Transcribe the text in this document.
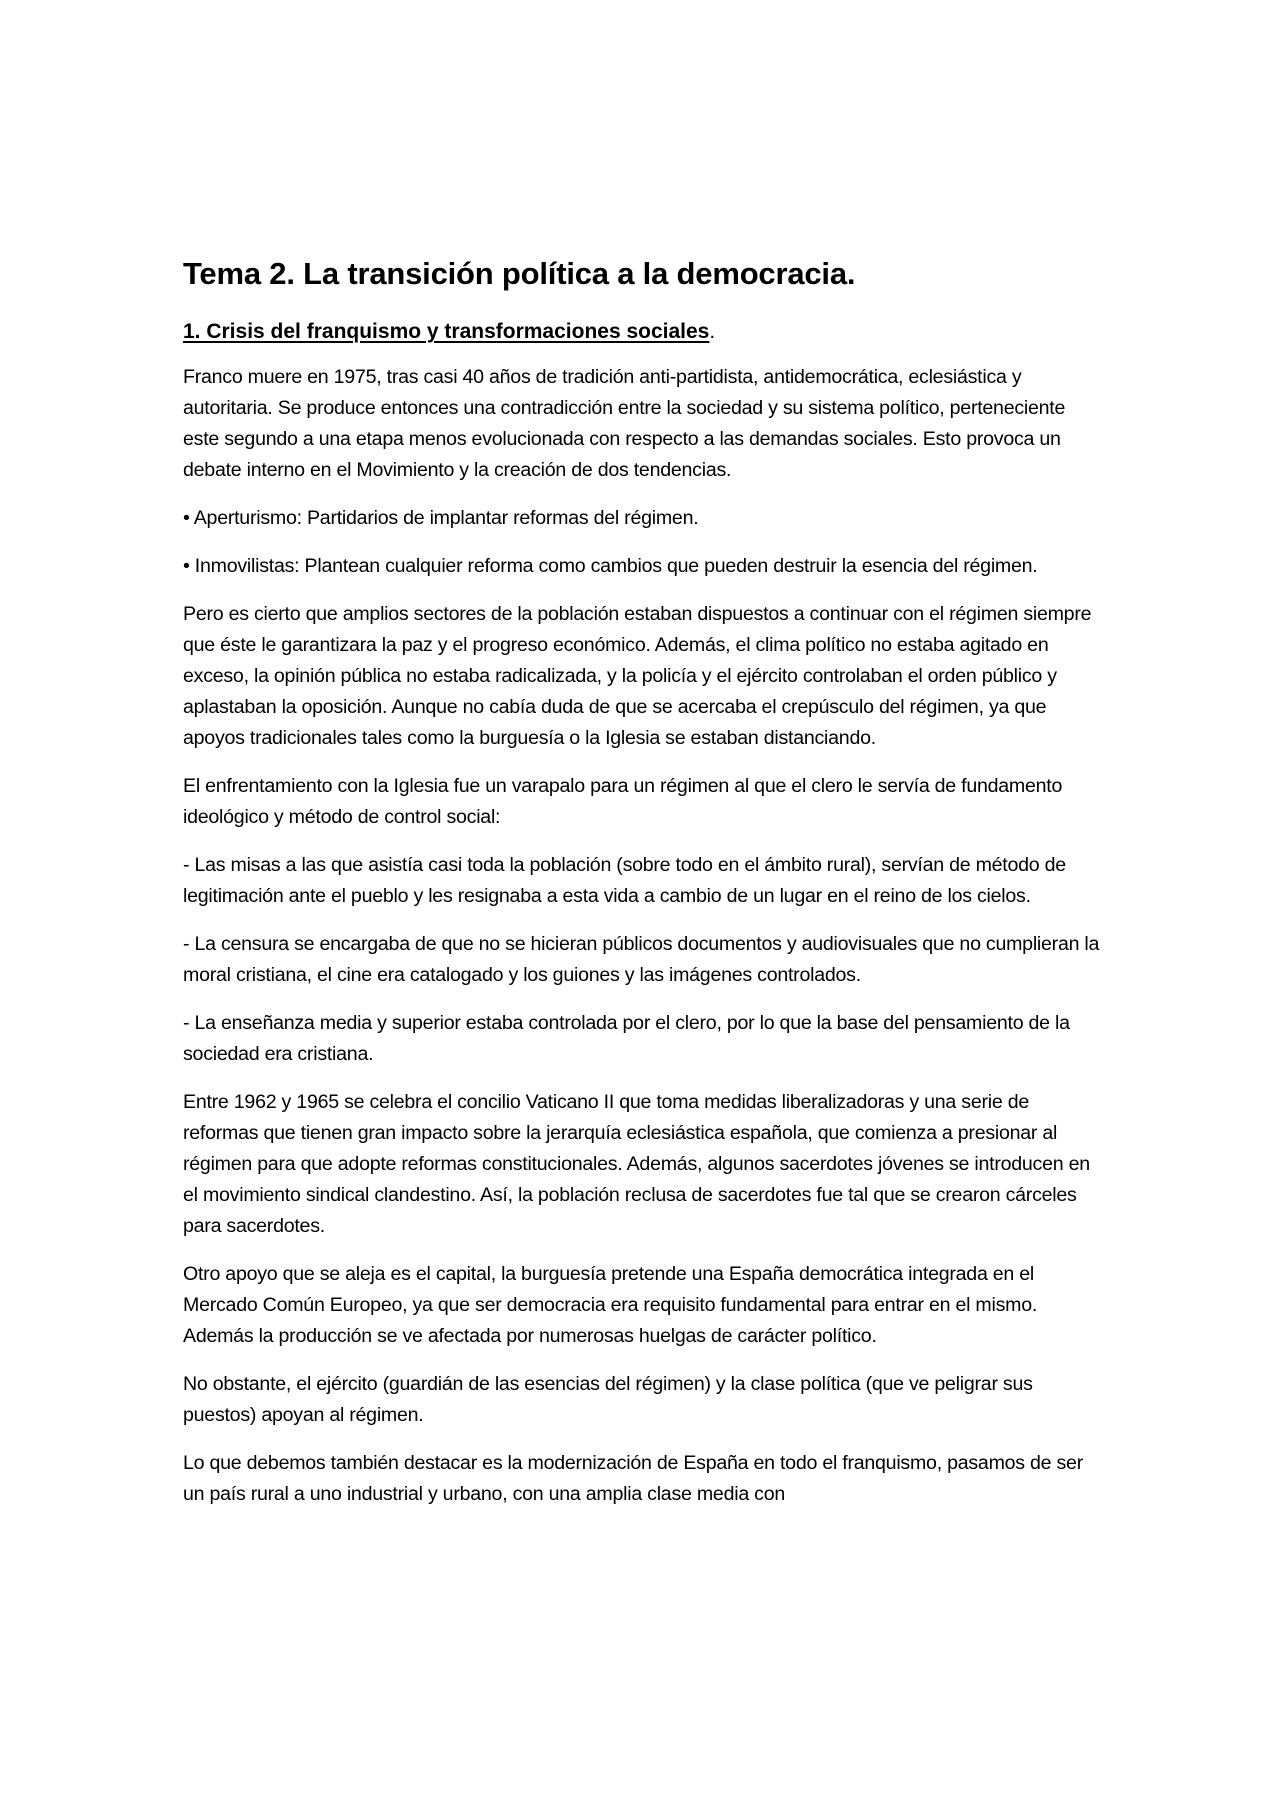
Tema 2. La transición política a la democracia.
1. Crisis del franquismo y transformaciones sociales.

Franco muere en 1975, tras casi 40 años de tradición anti-partidista, antidemocrática, eclesiástica y autoritaria. Se produce entonces una contradicción entre la sociedad y su sistema político, perteneciente este segundo a una etapa menos evolucionada con respecto a las demandas sociales. Esto provoca un debate interno en el Movimiento y la creación de dos tendencias.

• Aperturismo: Partidarios de implantar reformas del régimen.

• Inmovilistas: Plantean cualquier reforma como cambios que pueden destruir la esencia del régimen.

Pero es cierto que amplios sectores de la población estaban dispuestos a continuar con el régimen siempre que éste le garantizara la paz y el progreso económico. Además, el clima político no estaba agitado en exceso, la opinión pública no estaba radicalizada, y la policía y el ejército controlaban el orden público y aplastaban la oposición. Aunque no cabía duda de que se acercaba el crepúsculo del régimen, ya que apoyos tradicionales tales como la burguesía o la Iglesia se estaban distanciando.

El enfrentamiento con la Iglesia fue un varapalo para un régimen al que el clero le servía de fundamento ideológico y método de control social:

- Las misas a las que asistía casi toda la población (sobre todo en el ámbito rural), servían de método de legitimación ante el pueblo y les resignaba a esta vida a cambio de un lugar en el reino de los cielos.

- La censura se encargaba de que no se hicieran públicos documentos y audiovisuales que no cumplieran la moral cristiana, el cine era catalogado y los guiones y las imágenes controlados.

- La enseñanza media y superior estaba controlada por el clero, por lo que la base del pensamiento de la sociedad era cristiana.

Entre 1962 y 1965 se celebra el concilio Vaticano II que toma medidas liberalizadoras y una serie de reformas que tienen gran impacto sobre la jerarquía eclesiástica española, que comienza a presionar al régimen para que adopte reformas constitucionales. Además, algunos sacerdotes jóvenes se introducen en el movimiento sindical clandestino. Así, la población reclusa de sacerdotes fue tal que se crearon cárceles para sacerdotes.

Otro apoyo que se aleja es el capital, la burguesía pretende una España democrática integrada en el Mercado Común Europeo, ya que ser democracia era requisito fundamental para entrar en el mismo. Además la producción se ve afectada por numerosas huelgas de carácter político.

No obstante, el ejército (guardián de las esencias del régimen) y la clase política (que ve peligrar sus puestos) apoyan al régimen.

Lo que debemos también destacar es la modernización de España en todo el franquismo, pasamos de ser un país rural a uno industrial y urbano, con una amplia clase media con
